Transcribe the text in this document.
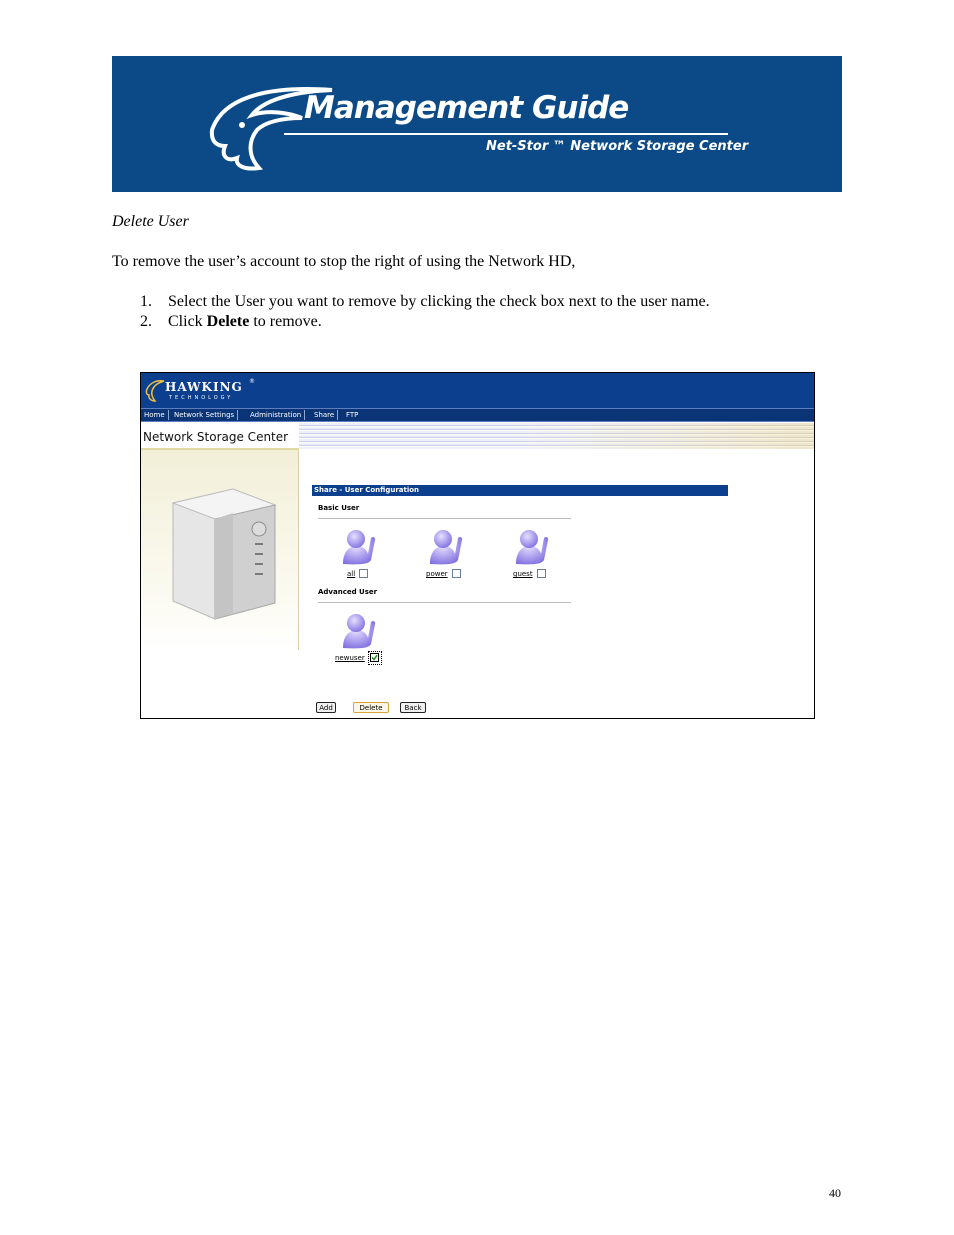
Management Guide
Net-Stor ™ Network Storage Center
Delete User
To remove the user’s account to stop the right of using the Network HD,
1. Select the User you want to remove by clicking the check box next to the user name.
2. Click Delete to remove.
HAWKING
TECHNOLOGY
®
Home	Network Settings	Administration	Share	FTP
Network Storage Center
Share - User Configuration
Basic User
all	power	guest
Advanced User
newuser
Add	Delete	Back
40
